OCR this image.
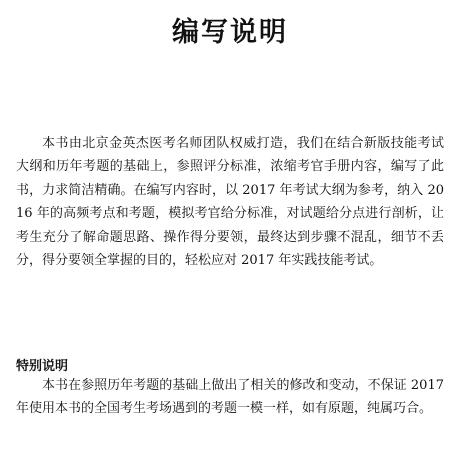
编写说明

本书由北京金英杰医考名师团队权威打造，我们在结合新版技能考试大纲和历年考题的基础上，参照评分标准，浓缩考官手册内容，编写了此书，力求简洁精确。在编写内容时，以 2017 年考试大纲为参考，纳入 2016 年的高频考点和考题，模拟考官给分标准，对试题给分点进行剖析，让考生充分了解命题思路、操作得分要领，最终达到步骤不混乱，细节不丢分，得分要领全掌握的目的，轻松应对 2017 年实践技能考试。

特别说明

本书在参照历年考题的基础上做出了相关的修改和变动，不保证 2017 年使用本书的全国考生考场遇到的考题一模一样，如有原题，纯属巧合。
